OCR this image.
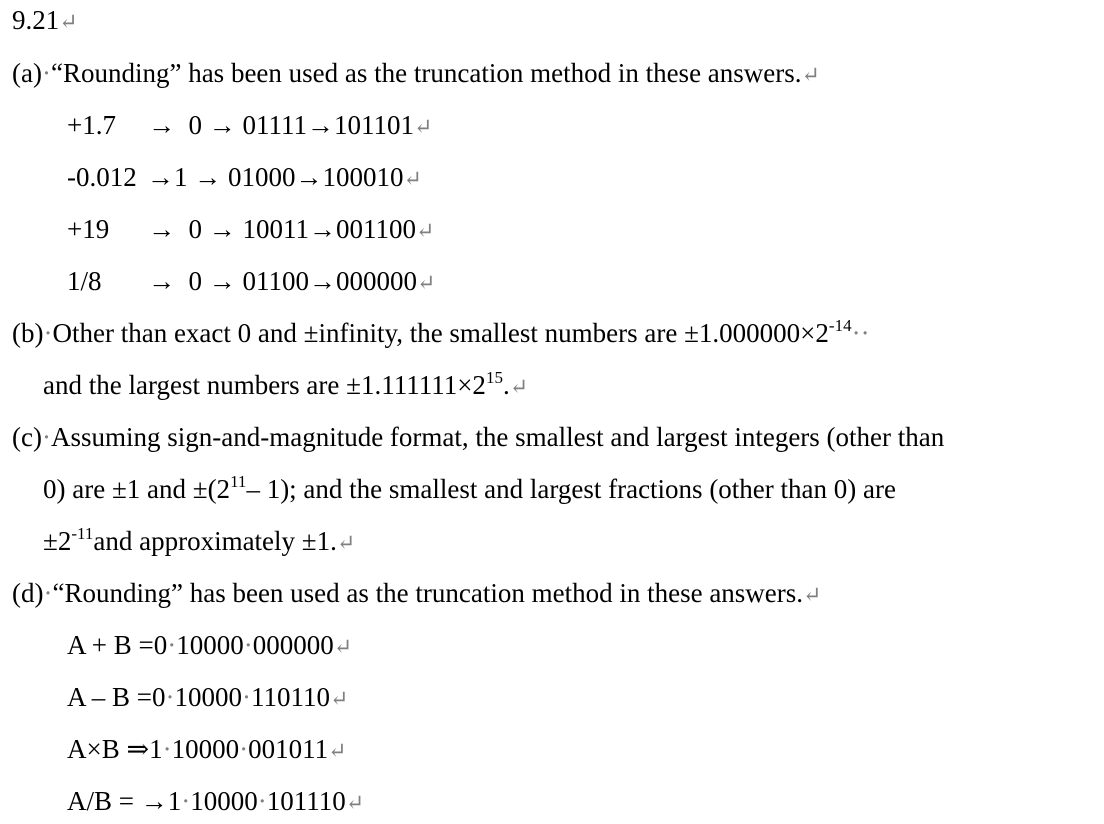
9.21↵
(a)·“Rounding” has been used as the truncation method in these answers.↵
+1.7 → 0 → 01111→101101↵
-0.012 →1 → 01000→100010↵
+19 → 0 → 10011→001100↵
1/8 → 0 → 01100→000000↵
(b)·Other than exact 0 and ±infinity, the smallest numbers are $\pm 1.000000\times 2^{-14}\cdot\cdot$
and the largest numbers are $\pm 1.111111\times 2^{15}.↵$
(c)·Assuming sign-and-magnitude format, the smallest and largest integers (other than
0) are ±1 and $\pm(2^{11}-$ 1); and the smallest and largest fractions (other than 0) are
$\pm 2^{-11}and$ approximately ±1.↵
(d)·“Rounding” has been used as the truncation method in these answers.↵
A + B =0·10000·000000↵
A – B =0·10000·110110↵
A×B ⇒1·10000·001011↵
A/B = →1·10000·101110↵
